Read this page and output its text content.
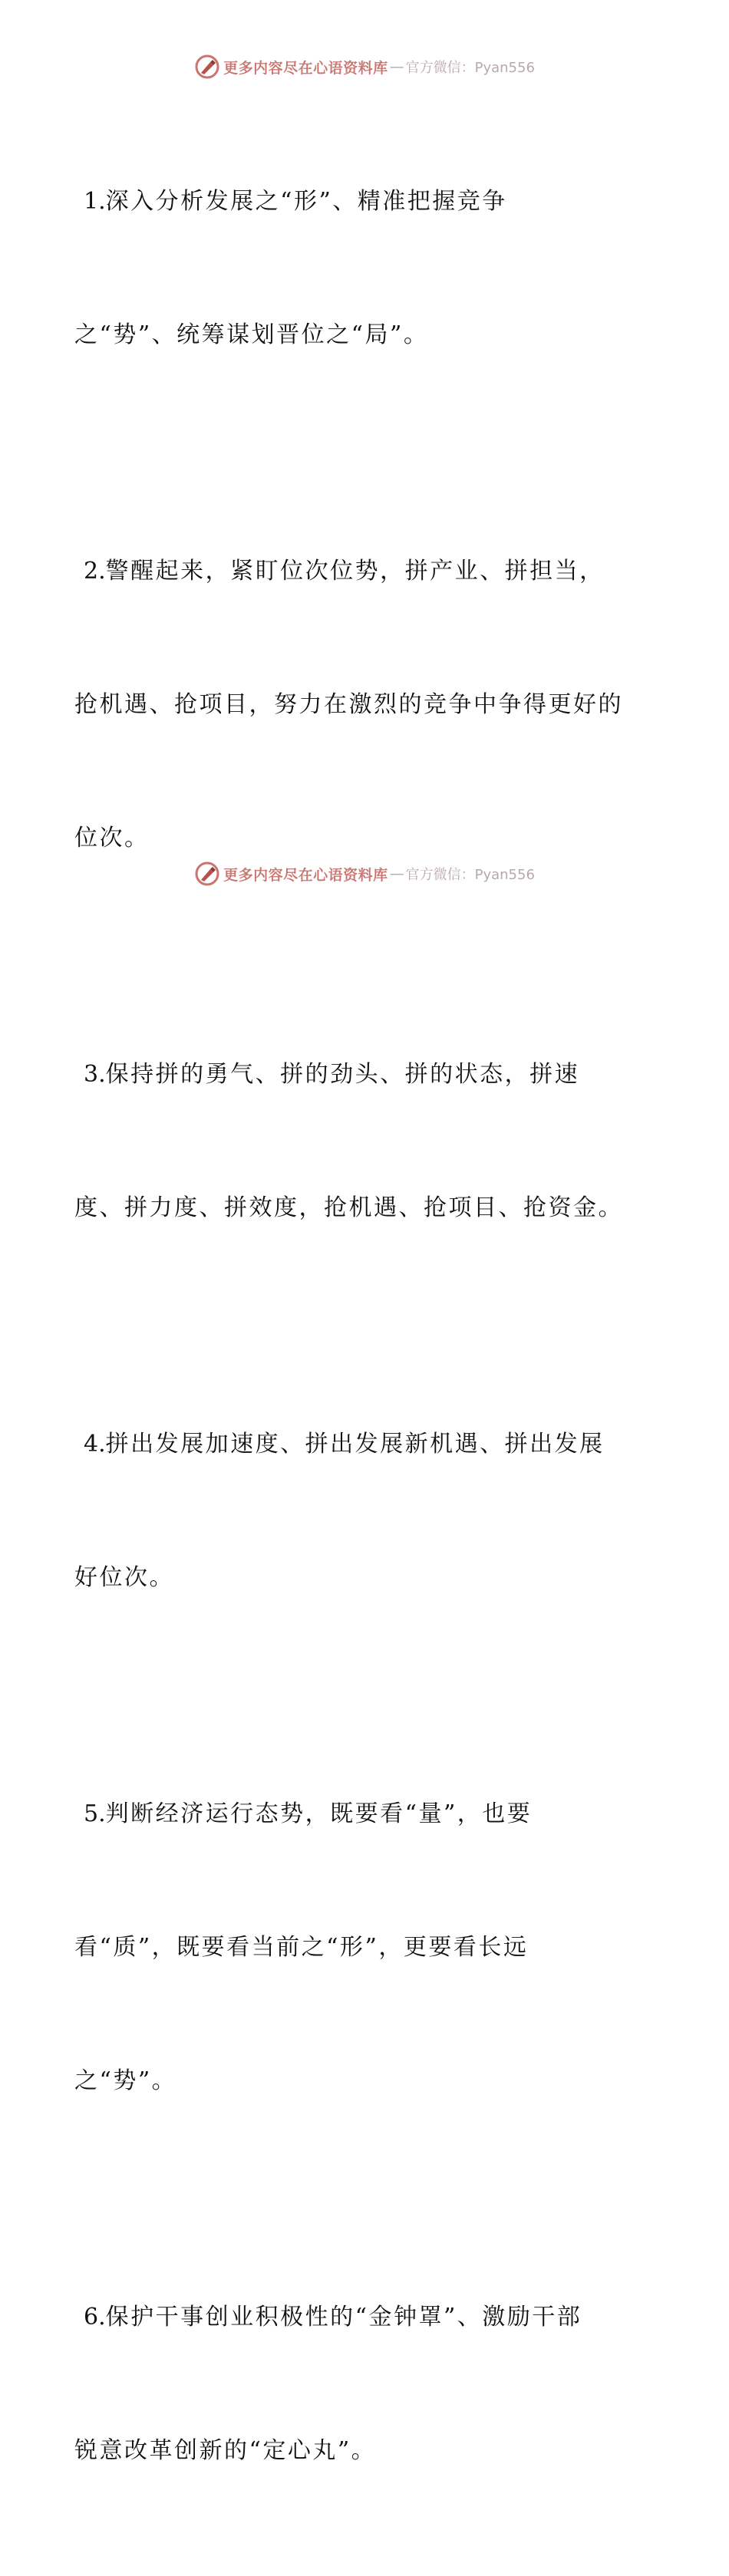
更多内容尽在心语资料库 — 官方微信：Pyan556

1.深入分析发展之“形”、精准把握竞争

之“势”、统筹谋划晋位之“局”。

2.警醒起来，紧盯位次位势，拼产业、拼担当，

抢机遇、抢项目，努力在激烈的竞争中争得更好的

位次。

3.保持拼的勇气、拼的劲头、拼的状态，拼速

度、拼力度、拼效度，抢机遇、抢项目、抢资金。

4.拼出发展加速度、拼出发展新机遇、拼出发展

好位次。

5.判断经济运行态势，既要看“量”，也要

看“质”，既要看当前之“形”，更要看长远

之“势”。

6.保护干事创业积极性的“金钟罩”、激励干部

锐意改革创新的“定心丸”。

更多内容尽在心语资料库 — 官方微信：Pyan556
